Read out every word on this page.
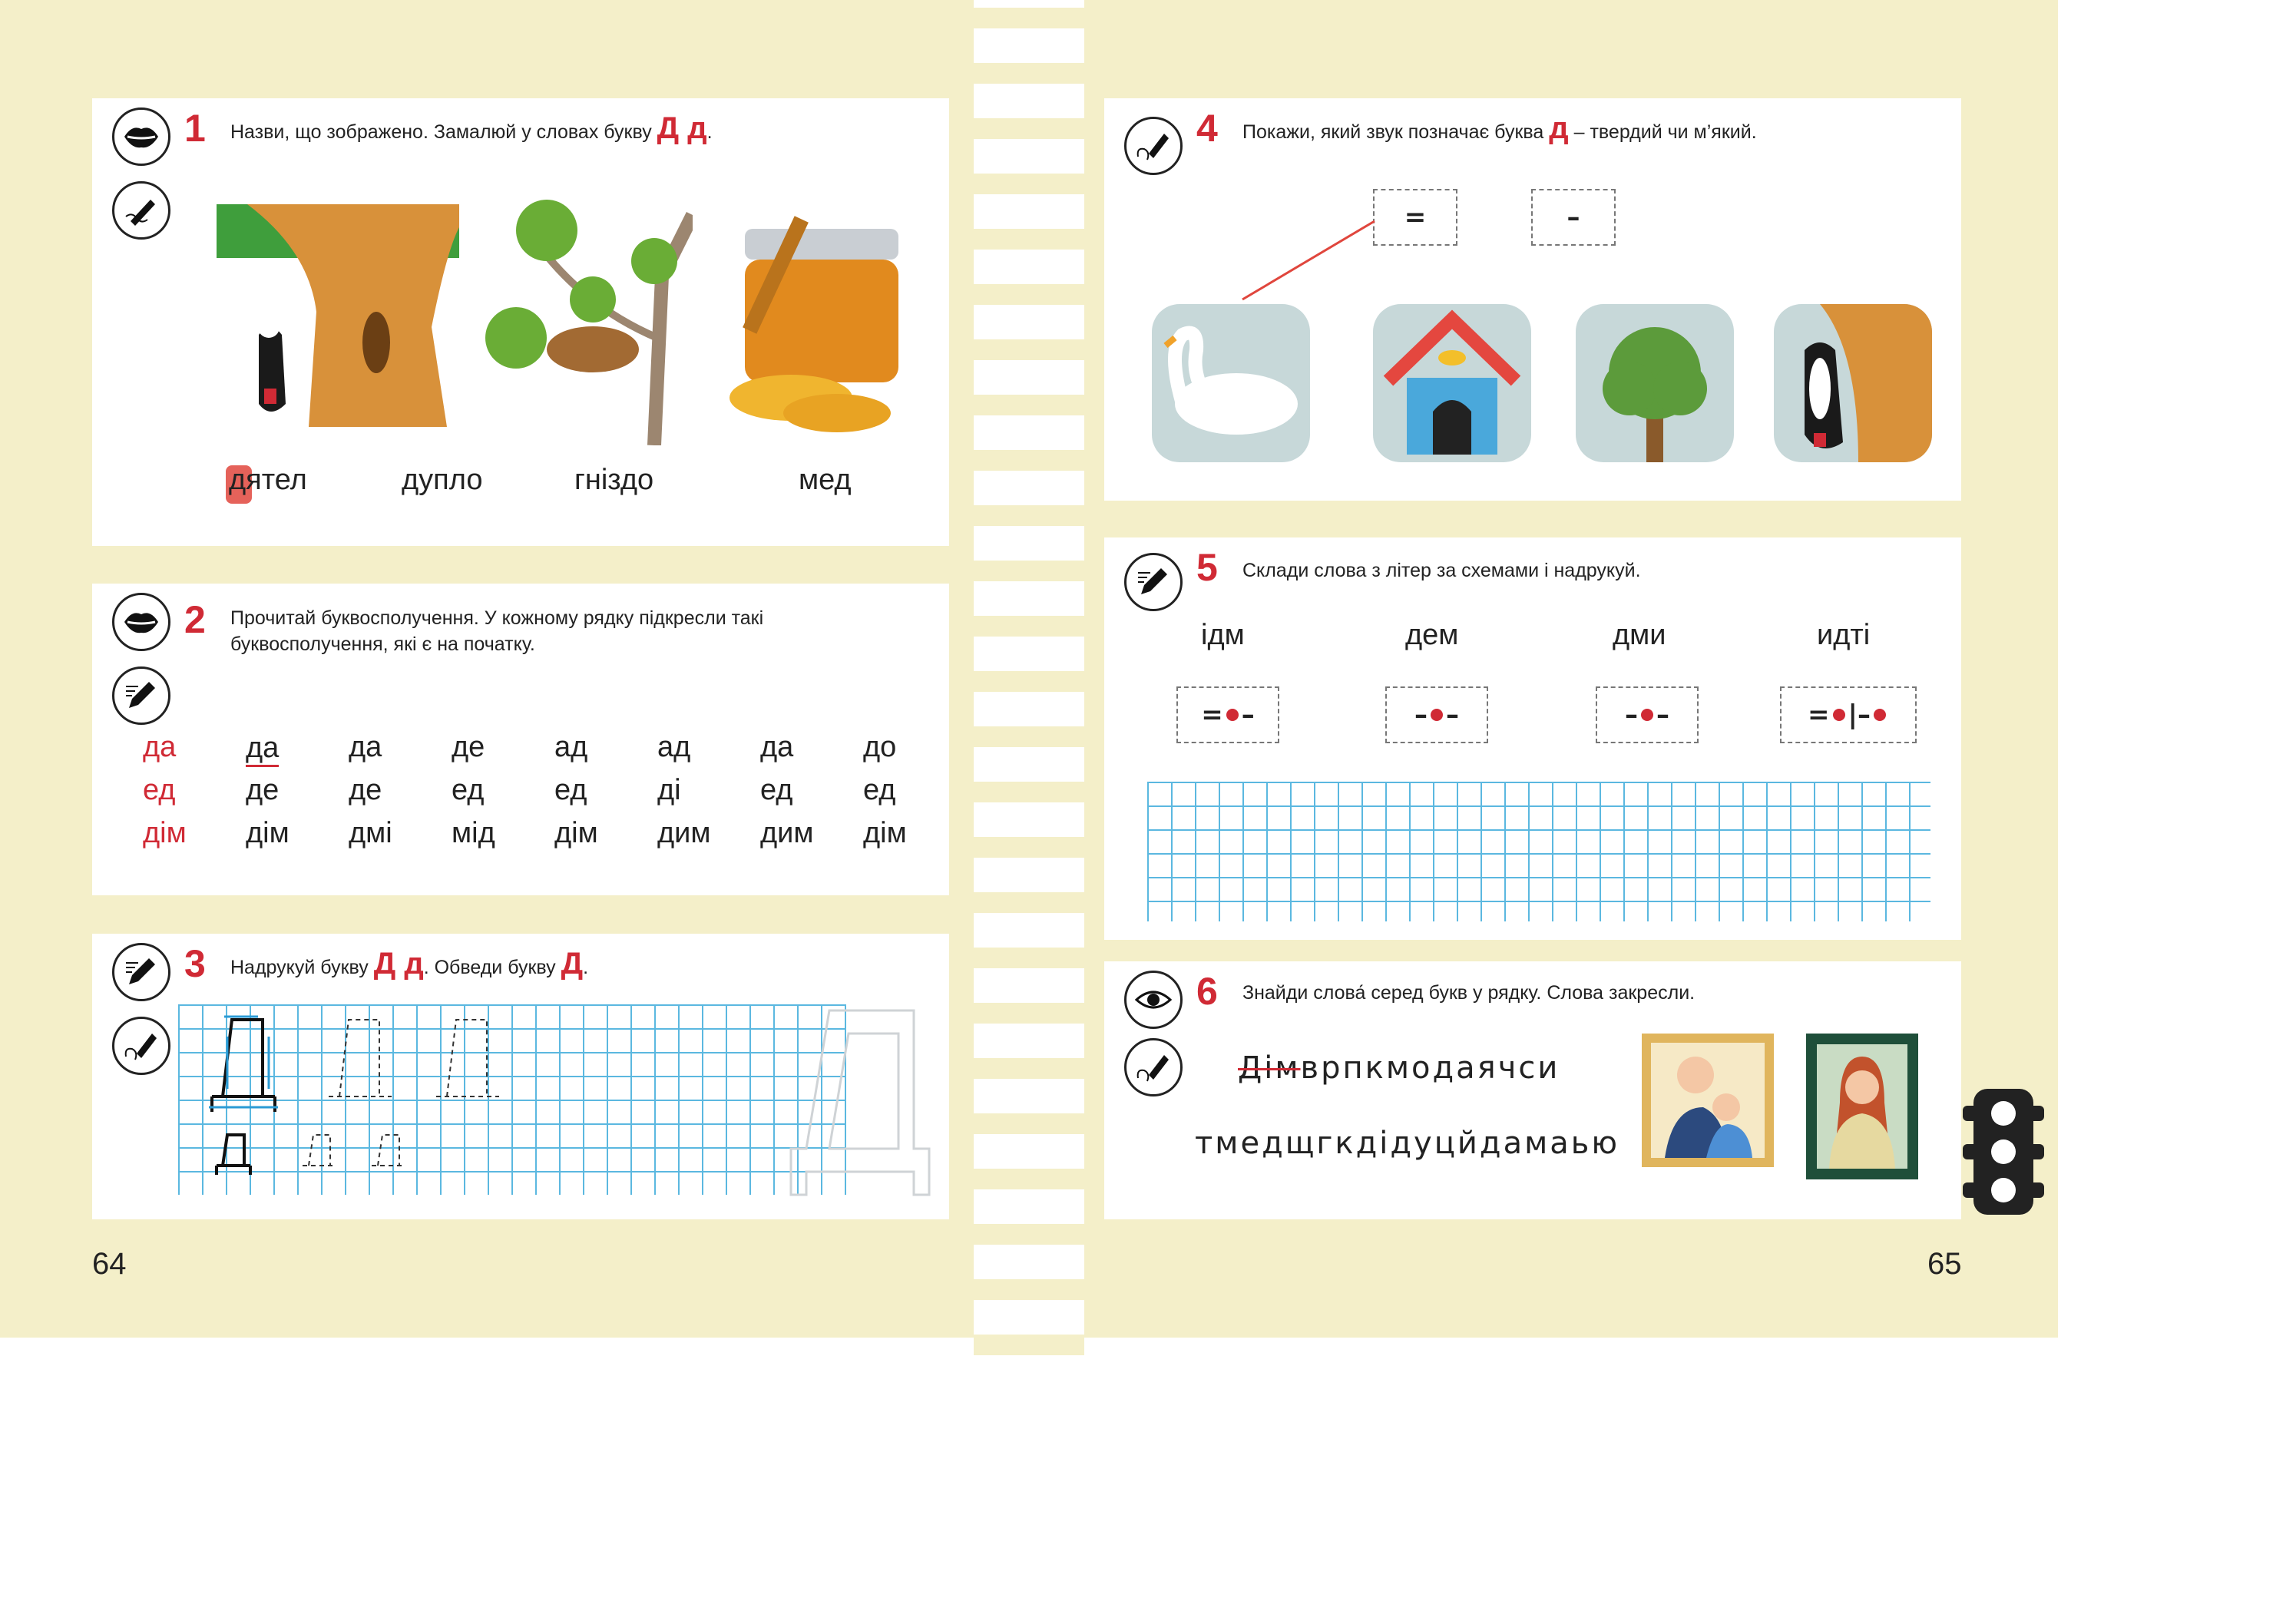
1 Назви, що зображено. Замалюй у словах букву Д д.
дятел	дупло	гніздо	мед
2 Прочитай буквосполучення. У кожному рядку підкресли такі
буквосполучення, які є на початку.
да да да де ад ад да до
ед де де ед ед ді	ед ед
дім дім дмі мід дім дим дим дім
3 Надрукуй букву Д д. Обведи букву Д.
64
4 Покажи, який звук позначає буква д – твердий чи м’який.
=	–
5 Склади слова з літер за схемами і надрукуй.
ідм	дем	дми	идті
= –	– –	– –	= |–
6 Знайди слова́ серед букв у рядку. Слова закресли.
Дімврпкмодаячси
тмедщгкдідуцйдамаью
65
